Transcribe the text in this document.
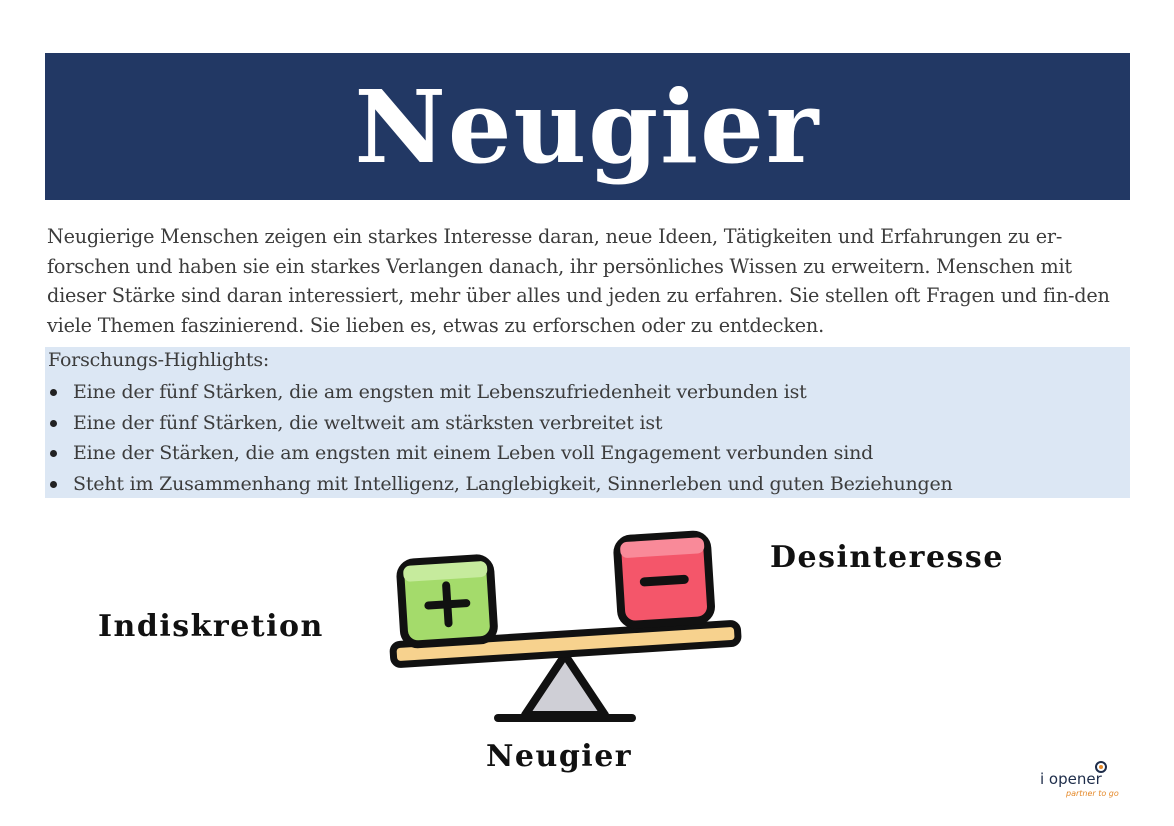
Neugier

Neugierige Menschen zeigen ein starkes Interesse daran, neue Ideen, Tätigkeiten und Erfahrungen zu er-forschen und haben sie ein starkes Verlangen danach, ihr persönliches Wissen zu erweitern. Menschen mit dieser Stärke sind daran interessiert, mehr über alles und jeden zu erfahren. Sie stellen oft Fragen und fin-den viele Themen faszinierend. Sie lieben es, etwas zu erforschen oder zu entdecken.

Forschungs-Highlights:

Eine der fünf Stärken, die am engsten mit Lebenszufriedenheit verbunden ist
Eine der fünf Stärken, die weltweit am stärksten verbreitet ist
Eine der Stärken, die am engsten mit einem Leben voll Engagement verbunden sind
Steht im Zusammenhang mit Intelligenz, Langlebigkeit, Sinnerleben und guten Beziehungen
Indiskretion
Desinteresse
Neugier
i opener
partner to go
